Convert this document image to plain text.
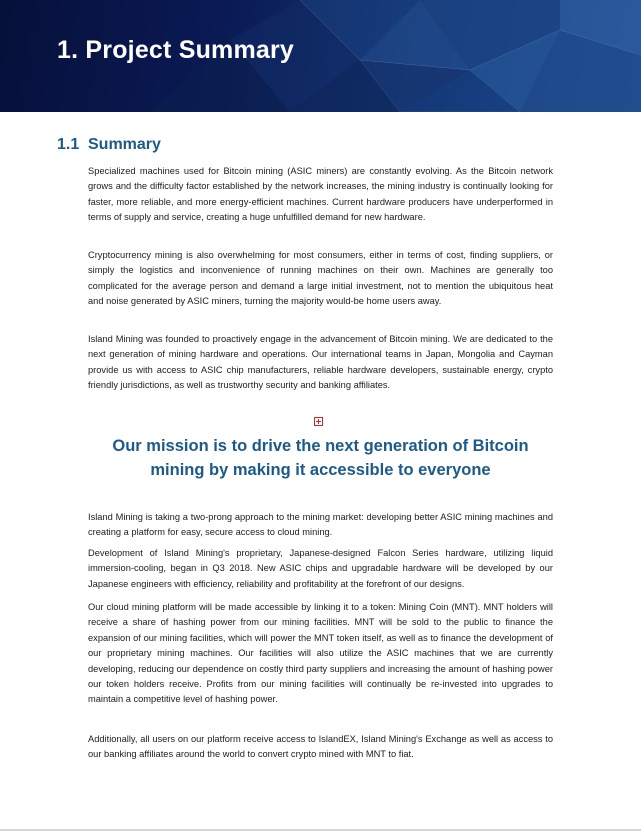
1. Project Summary
1.1 Summary

Specialized machines used for Bitcoin mining (ASIC miners) are constantly evolving. As the Bitcoin network grows and the difficulty factor established by the network increases, the mining industry is continually looking for faster, more reliable, and more energy-efficient machines. Current hardware producers have underperformed in terms of supply and service, creating a huge unfulfilled demand for new hardware.

Cryptocurrency mining is also overwhelming for most consumers, either in terms of cost, finding suppliers, or simply the logistics and inconvenience of running machines on their own. Machines are generally too complicated for the average person and demand a large initial investment, not to mention the ubiquitous heat and noise generated by ASIC miners, turning the majority would-be home users away.

Island Mining was founded to proactively engage in the advancement of Bitcoin mining. We are dedicated to the next generation of mining hardware and operations. Our international teams in Japan, Mongolia and Cayman provide us with access to ASIC chip manufacturers, reliable hardware developers, sustainable energy, crypto friendly jurisdictions, as well as trustworthy security and banking affiliates.

Our mission is to drive the next generation of Bitcoin
mining by making it accessible to everyone

Island Mining is taking a two-prong approach to the mining market: developing better ASIC mining machines and creating a platform for easy, secure access to cloud mining.

Development of Island Mining's proprietary, Japanese-designed Falcon Series hardware, utilizing liquid immersion-cooling, began in Q3 2018. New ASIC chips and upgradable hardware will be developed by our Japanese engineers with efficiency, reliability and profitability at the forefront of our designs.

Our cloud mining platform will be made accessible by linking it to a token: Mining Coin (MNT). MNT holders will receive a share of hashing power from our mining facilities. MNT will be sold to the public to finance the expansion of our mining facilities, which will power the MNT token itself, as well as to finance the development of our proprietary mining machines. Our facilities will also utilize the ASIC machines that we are currently developing, reducing our dependence on costly third party suppliers and increasing the amount of hashing power our token holders receive. Profits from our mining facilities will continually be re-invested into upgrades to maintain a competitive level of hashing power.

Additionally, all users on our platform receive access to IslandEX, Island Mining's Exchange as well as access to our banking affiliates around the world to convert crypto mined with MNT to fiat.
